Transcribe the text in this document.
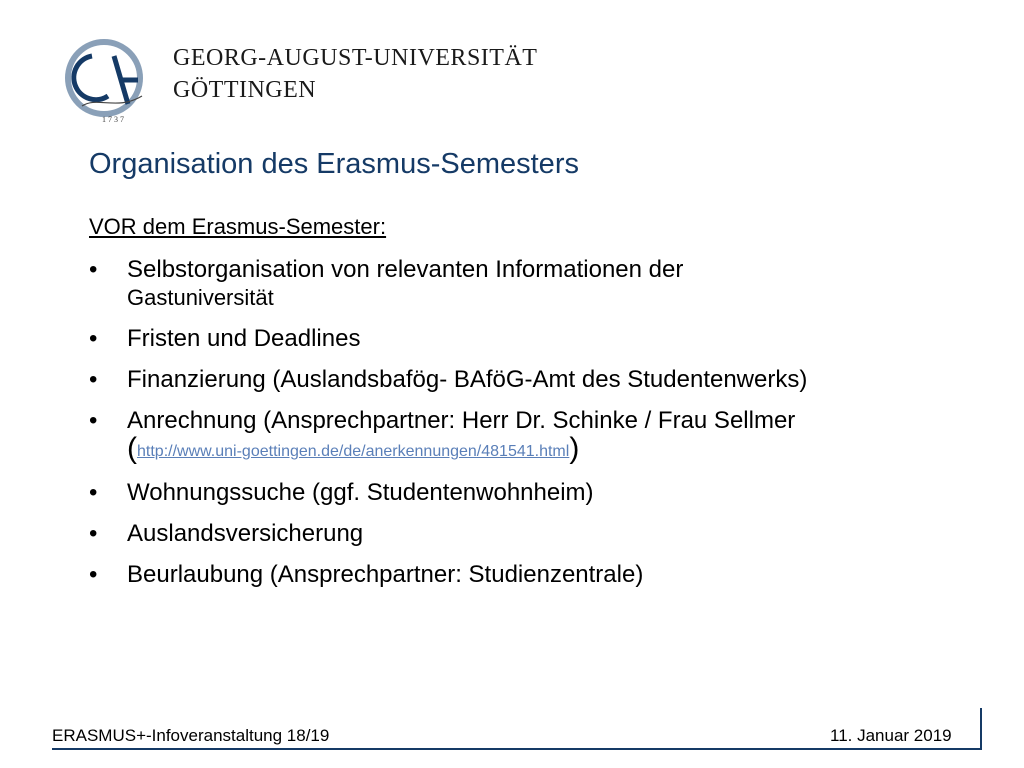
1 7 3 7
GEORG-AUGUST-UNIVERSITÄT
GÖTTINGEN
Organisation des Erasmus-Semesters
VOR dem Erasmus-Semester:
• Selbstorganisation von relevanten Informationen der
Gastuniversität
• Fristen und Deadlines
• Finanzierung (Auslandsbafög- BAföG-Amt des Studentenwerks)
• Anrechnung (Ansprechpartner: Herr Dr. Schinke / Frau Sellmer
(http://www.uni-goettingen.de/de/anerkennungen/481541.html)
• Wohnungssuche (ggf. Studentenwohnheim)
• Auslandsversicherung
• Beurlaubung (Ansprechpartner: Studienzentrale)
ERASMUS+-Infoveranstaltung 18/19	11. Januar 2019
